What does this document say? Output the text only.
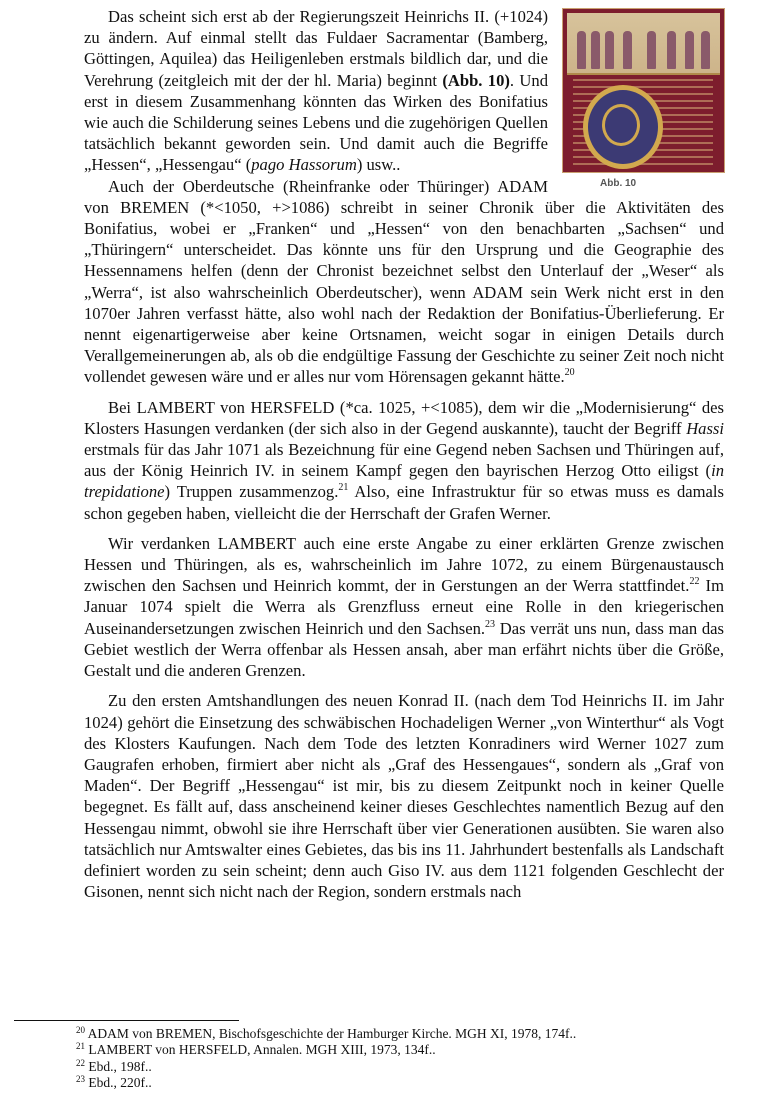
Abb. 10

Das scheint sich erst ab der Regierungszeit Heinrichs II. (+1024) zu ändern. Auf einmal stellt das Fuldaer Sacramentar (Bamberg, Göttingen, Aquilea) das Heiligenleben erstmals bildlich dar, und die Verehrung (zeitgleich mit der der hl. Maria) beginnt (Abb. 10). Und erst in diesem Zusammenhang könnten das Wirken des Bonifatius wie auch die Schilderung seines Lebens und die zugehörigen Quellen tatsächlich bekannt geworden sein. Und damit auch die Begriffe „Hessen“, „Hessengau“ (pago Hassorum) usw..

Auch der Oberdeutsche (Rheinfranke oder Thüringer) ADAM von BREMEN (*<1050, +>1086) schreibt in seiner Chronik über die Aktivitäten des Bonifatius, wobei er „Franken“ und „Hessen“ von den benachbarten „Sachsen“ und „Thüringern“ unterscheidet. Das könnte uns für den Ursprung und die Geographie des Hessennamens helfen (denn der Chronist bezeichnet selbst den Unterlauf der „Weser“ als „Werra“, ist also wahrscheinlich Oberdeutscher), wenn ADAM sein Werk nicht erst in den 1070er Jahren verfasst hätte, also wohl nach der Redaktion der Bonifatius-Überlieferung. Er nennt eigenartigerweise aber keine Ortsnamen, weicht sogar in einigen Details durch Verallgemeinerungen ab, als ob die endgültige Fassung der Geschichte zu seiner Zeit noch nicht vollendet gewesen wäre und er alles nur vom Hörensagen gekannt hätte.$^{20}$

Bei LAMBERT von HERSFELD (*ca. 1025, +<1085), dem wir die „Modernisierung“ des Klosters Hasungen verdanken (der sich also in der Gegend auskannte), taucht der Begriff Hassi erstmals für das Jahr 1071 als Bezeichnung für eine Gegend neben Sachsen und Thüringen auf, aus der König Heinrich IV. in seinem Kampf gegen den bayrischen Herzog Otto eiligst (in trepidatione) Truppen zusammenzog.$^{21}$ Also, eine Infrastruktur für so etwas muss es damals schon gegeben haben, vielleicht die der Herrschaft der Grafen Werner.

Wir verdanken LAMBERT auch eine erste Angabe zu einer erklärten Grenze zwischen Hessen und Thüringen, als es, wahrscheinlich im Jahre 1072, zu einem Bürgenaustausch zwischen den Sachsen und Heinrich kommt, der in Gerstungen an der Werra stattfindet.$^{22}$ Im Januar 1074 spielt die Werra als Grenzfluss erneut eine Rolle in den kriegerischen Auseinandersetzungen zwischen Heinrich und den Sachsen.$^{23}$ Das verrät uns nun, dass man das Gebiet westlich der Werra offenbar als Hessen ansah, aber man erfährt nichts über die Größe, Gestalt und die anderen Grenzen.

Zu den ersten Amtshandlungen des neuen Konrad II. (nach dem Tod Heinrichs II. im Jahr 1024) gehört die Einsetzung des schwäbischen Hochadeligen Werner „von Winterthur“ als Vogt des Klosters Kaufungen. Nach dem Tode des letzten Konradiners wird Werner 1027 zum Gaugrafen erhoben, firmiert aber nicht als „Graf des Hessengaues“, sondern als „Graf von Maden“. Der Begriff „Hessengau“ ist mir, bis zu diesem Zeitpunkt noch in keiner Quelle begegnet. Es fällt auf, dass anscheinend keiner dieses Geschlechtes namentlich Bezug auf den Hessengau nimmt, obwohl sie ihre Herrschaft über vier Generationen ausübten. Sie waren also tatsächlich nur Amtswalter eines Gebietes, das bis ins 11. Jahrhundert bestenfalls als Landschaft definiert worden zu sein scheint; denn auch Giso IV. aus dem 1121 folgenden Geschlecht der Gisonen, nennt sich nicht nach der Region, sondern erstmals nach

$^{20}$ ADAM von BREMEN, Bischofsgeschichte der Hamburger Kirche. MGH XI, 1978, 174f..
$^{21}$ LAMBERT von HERSFELD, Annalen. MGH XIII, 1973, 134f..
$^{22}$ Ebd., 198f..
$^{23}$ Ebd., 220f..
